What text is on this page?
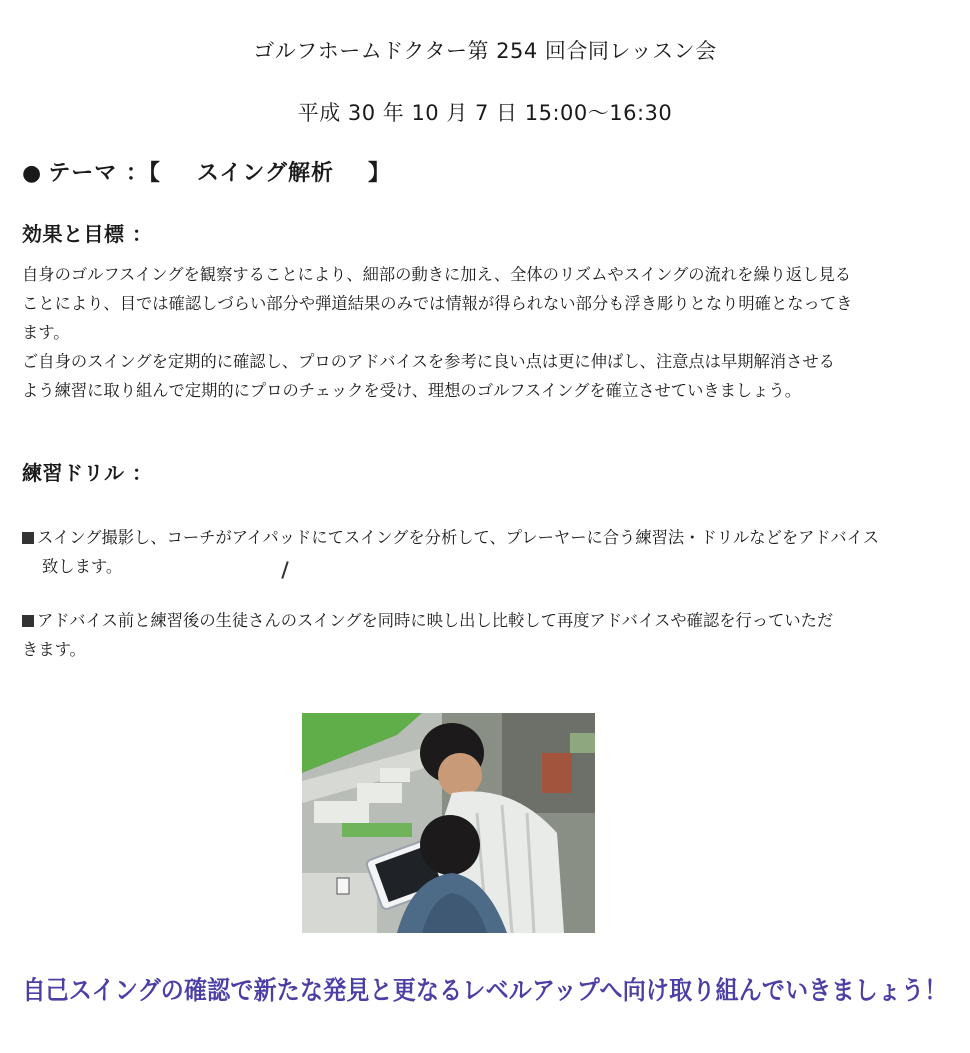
ゴルフホームドクター第 254 回合同レッスン会
平成 30 年 10 月 7 日 15:00～16:30
● テーマ ：【 スイング解析 】
効果と目標 ：
自身のゴルフスイングを観察することにより、細部の動きに加え、全体のリズムやスイングの流れを繰り返し見る
ことにより、目では確認しづらい部分や弾道結果のみでは情報が得られない部分も浮き彫りとなり明確となってき
ます。
ご自身のスイングを定期的に確認し、プロのアドバイスを参考に良い点は更に伸ばし、注意点は早期解消させる
よう練習に取り組んで定期的にプロのチェックを受け、理想のゴルフスイングを確立させていきましょう。
練習ドリル ：
スイング撮影し、コーチがアイパッドにてスイングを分析して、プレーヤーに合う練習法・ドリルなどをアドバイス
致します。
アドバイス前と練習後の生徒さんのスイングを同時に映し出し比較して再度アドバイスや確認を行っていただ
きます。
自己スイングの確認で新たな発見と更なるレベルアップへ向け取り組んでいきましょう！
